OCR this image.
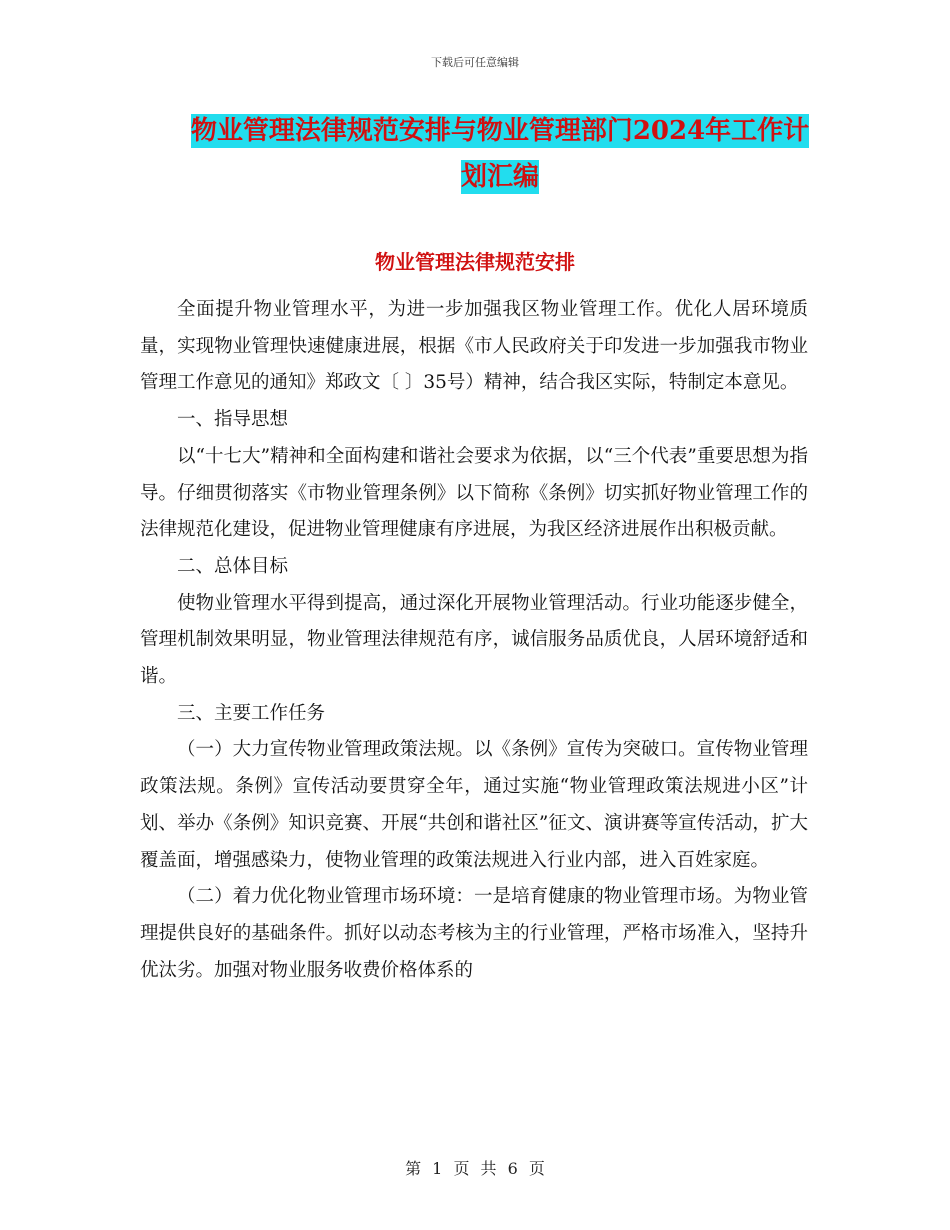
下载后可任意编辑
物业管理法律规范安排与物业管理部门2024年工作计
划汇编
物业管理法律规范安排

全面提升物业管理水平，为进一步加强我区物业管理工作。优化人居环境质量，实现物业管理快速健康进展，根据《市人民政府关于印发进一步加强我市物业管理工作意见的通知》郑政文〔 〕35号）精神，结合我区实际，特制定本意见。

一、指导思想

以“十七大”精神和全面构建和谐社会要求为依据，以“三个代表”重要思想为指导。仔细贯彻落实《市物业管理条例》以下简称《条例》切实抓好物业管理工作的法律规范化建设，促进物业管理健康有序进展，为我区经济进展作出积极贡献。

二、总体目标

使物业管理水平得到提高，通过深化开展物业管理活动。行业功能逐步健全，管理机制效果明显，物业管理法律规范有序，诚信服务品质优良，人居环境舒适和谐。

三、主要工作任务

（一）大力宣传物业管理政策法规。以《条例》宣传为突破口。宣传物业管理政策法规。条例》宣传活动要贯穿全年，通过实施“物业管理政策法规进小区”计划、举办《条例》知识竞赛、开展“共创和谐社区”征文、演讲赛等宣传活动，扩大覆盖面，增强感染力，使物业管理的政策法规进入行业内部，进入百姓家庭。

（二）着力优化物业管理市场环境：一是培育健康的物业管理市场。为物业管理提供良好的基础条件。抓好以动态考核为主的行业管理，严格市场准入，坚持升优汰劣。加强对物业服务收费价格体系的

第 1 页 共 6 页
